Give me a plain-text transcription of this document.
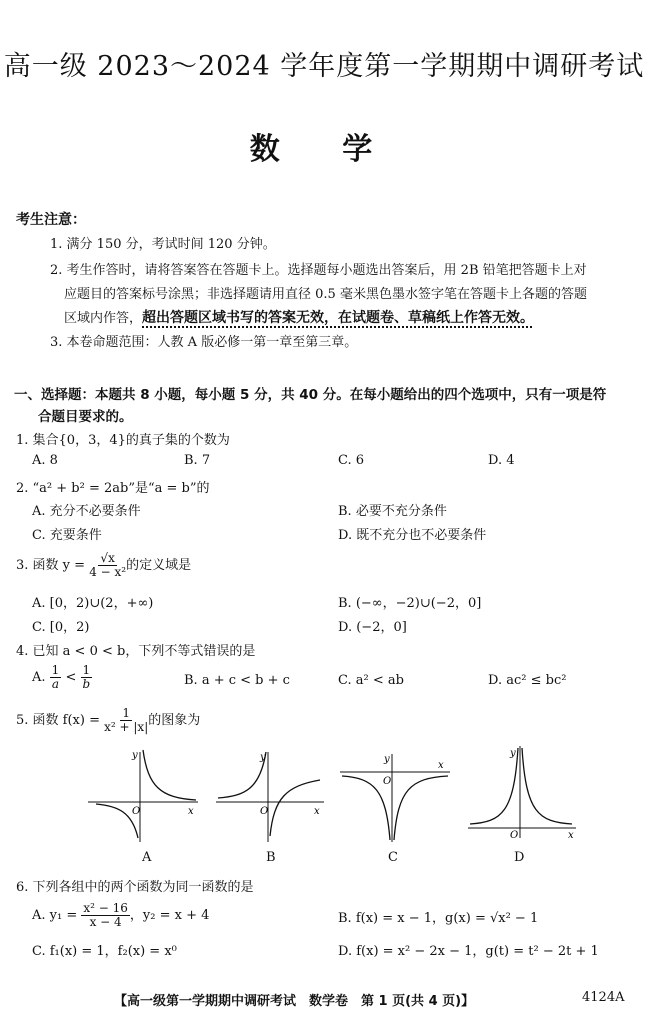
高一级 2023～2024 学年度第一学期期中调研考试
数 学
考生注意：
1. 满分 150 分，考试时间 120 分钟。
2. 考生作答时，请将答案答在答题卡上。选择题每小题选出答案后，用 2B 铅笔把答题卡上对
应题目的答案标号涂黑；非选择题请用直径 0.5 毫米黑色墨水签字笔在答题卡上各题的答题
区域内作答，超出答题区域书写的答案无效，在试题卷、草稿纸上作答无效。
3. 本卷命题范围：人教 A 版必修一第一章至第三章。
一、选择题：本题共 8 小题，每小题 5 分，共 40 分。在每小题给出的四个选项中，只有一项是符
合题目要求的。
1. 集合{0，3，4}的真子集的个数为
A. 8	B. 7	C. 6	D. 4
2. “a² + b² = 2ab”是“a = b”的
A. 充分不必要条件	B. 必要不充分条件
C. 充要条件	D. 既不充分也不必要条件
3. 函数 $y = \frac{√x}{\text{4 − x²}}$ 的定义域是
A. [0，2)∪(2，+∞)	B. (−∞，−2)∪(−2，0]
C. [0，2)	D. (−2，0]
4. 已知 a < 0 < b，下列不等式错误的是
A. $\frac{1}{a} < \frac{1}{b}$	B. a + c < b + c	C. a² < ab	D. ac² ≤ bc²
5. 函数 $f(x) = \frac{1}{\text{x² + |x|}}$ 的图象为
y
x
O
y
x
O
y
x
O
y
x
O
A	B	C	D
6. 下列各组中的两个函数为同一函数的是
A. $y_1 = \frac{\text{x² − 16}}{x - 4}$ ，y₂ = x + 4	B. f(x) = x − 1，g(x) = √x² − 1
C. f₁(x) = 1，f₂(x) = x⁰	D. f(x) = x² − 2x − 1，g(t) = t² − 2t + 1
【高一级第一学期期中调研考试　数学卷　第 1 页(共 4 页)】	4124A
